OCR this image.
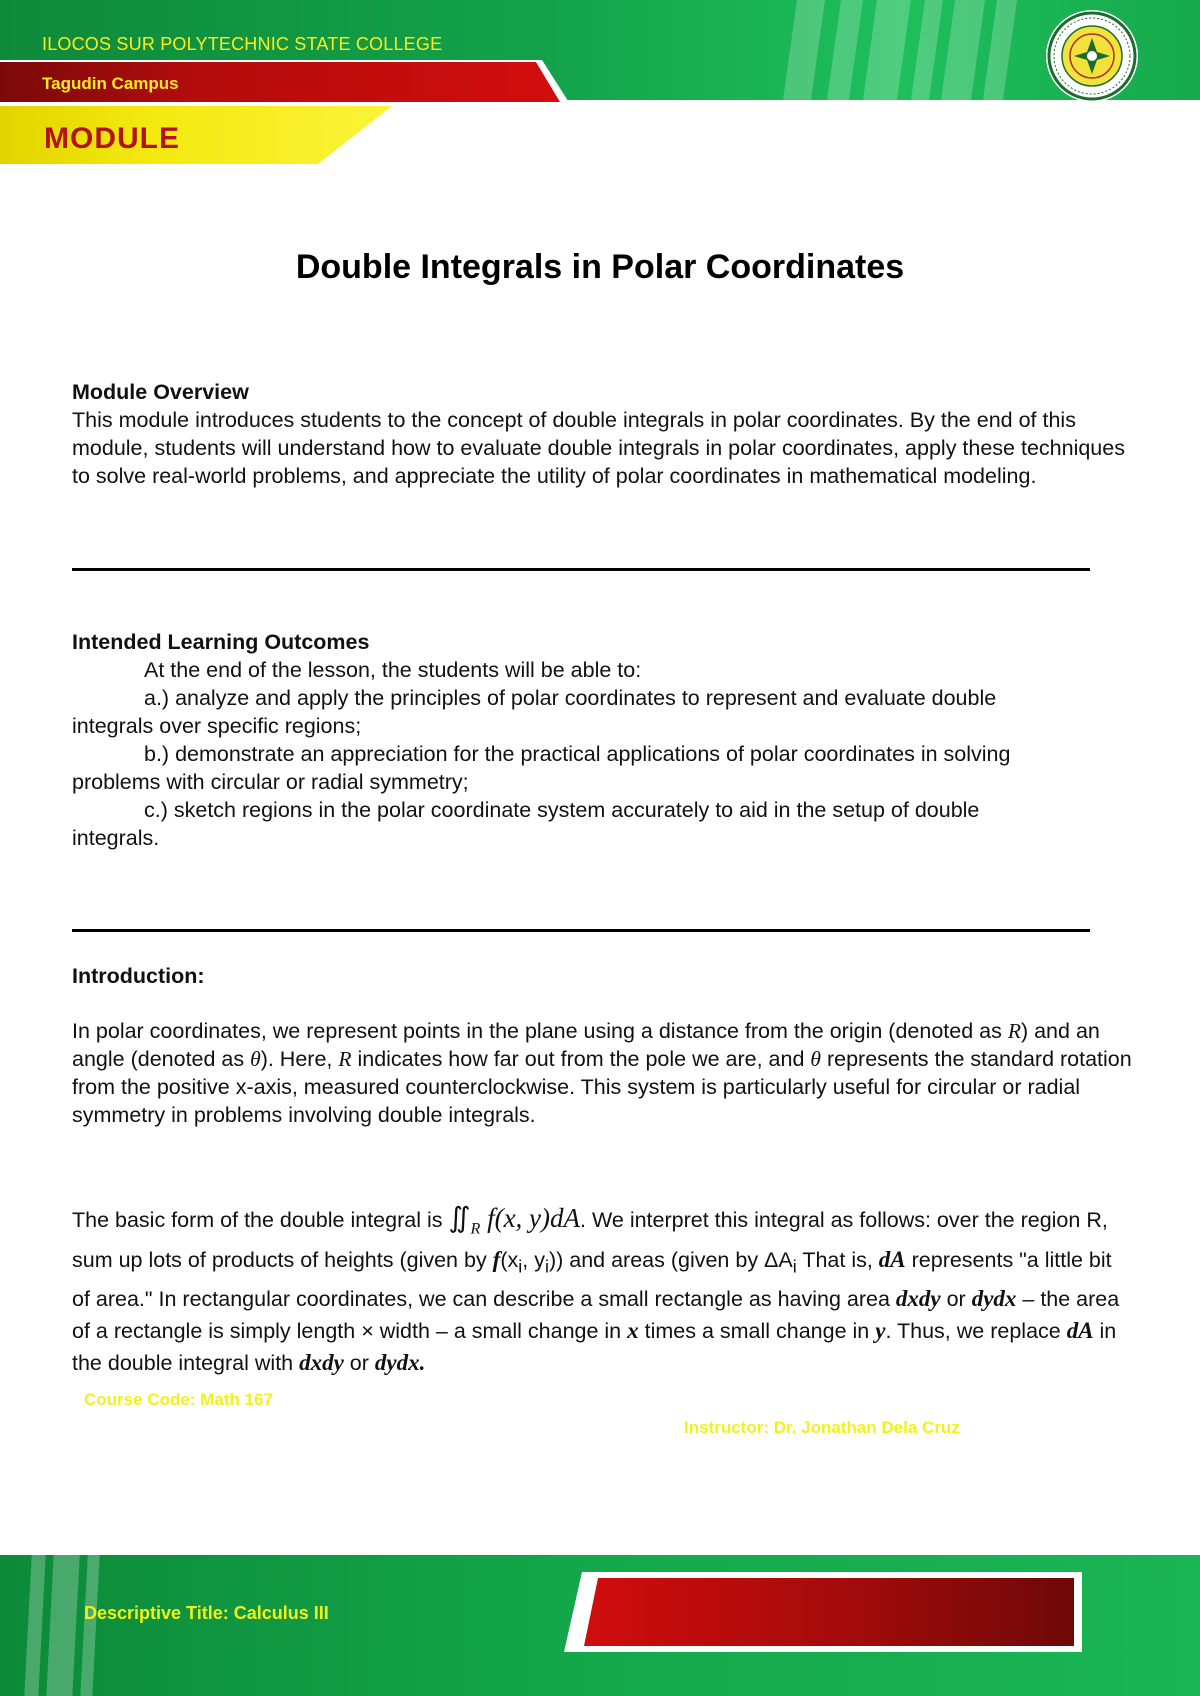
ILOCOS SUR POLYTECHNIC STATE COLLEGE
Tagudin Campus
MODULE
Double Integrals in Polar Coordinates
Module Overview
This module introduces students to the concept of double integrals in polar coordinates. By the end of this module, students will understand how to evaluate double integrals in polar coordinates, apply these techniques to solve real-world problems, and appreciate the utility of polar coordinates in mathematical modeling.
Intended Learning Outcomes
At the end of the lesson, the students will be able to:
a.) analyze and apply the principles of polar coordinates to represent and evaluate double
integrals over specific regions;
b.) demonstrate an appreciation for the practical applications of polar coordinates in solving
problems with circular or radial symmetry;
c.) sketch regions in the polar coordinate system accurately to aid in the setup of double
integrals.
Introduction:
In polar coordinates, we represent points in the plane using a distance from the origin (denoted as R) and an angle (denoted as θ). Here, R indicates how far out from the pole we are, and θ represents the standard rotation from the positive x-axis, measured counterclockwise. This system is particularly useful for circular or radial symmetry in problems involving double integrals.
The basic form of the double integral is $∬_R$ f(x, y)dA. We interpret this integral as follows: over the region R, sum up lots of products of heights (given by $f(x_i$, $y_i$)) and areas (given by $\Delta A_i$ That is, dA represents "a little bit of area." In rectangular coordinates, we can describe a small rectangle as having area dxdy or dydx – the area of a rectangle is simply length × width – a small change in x times a small change in y. Thus, we replace dA in the double integral with dxdy or dydx.
Course Code: Math 167
Instructor: Dr. Jonathan Dela Cruz
Descriptive Title: Calculus III
